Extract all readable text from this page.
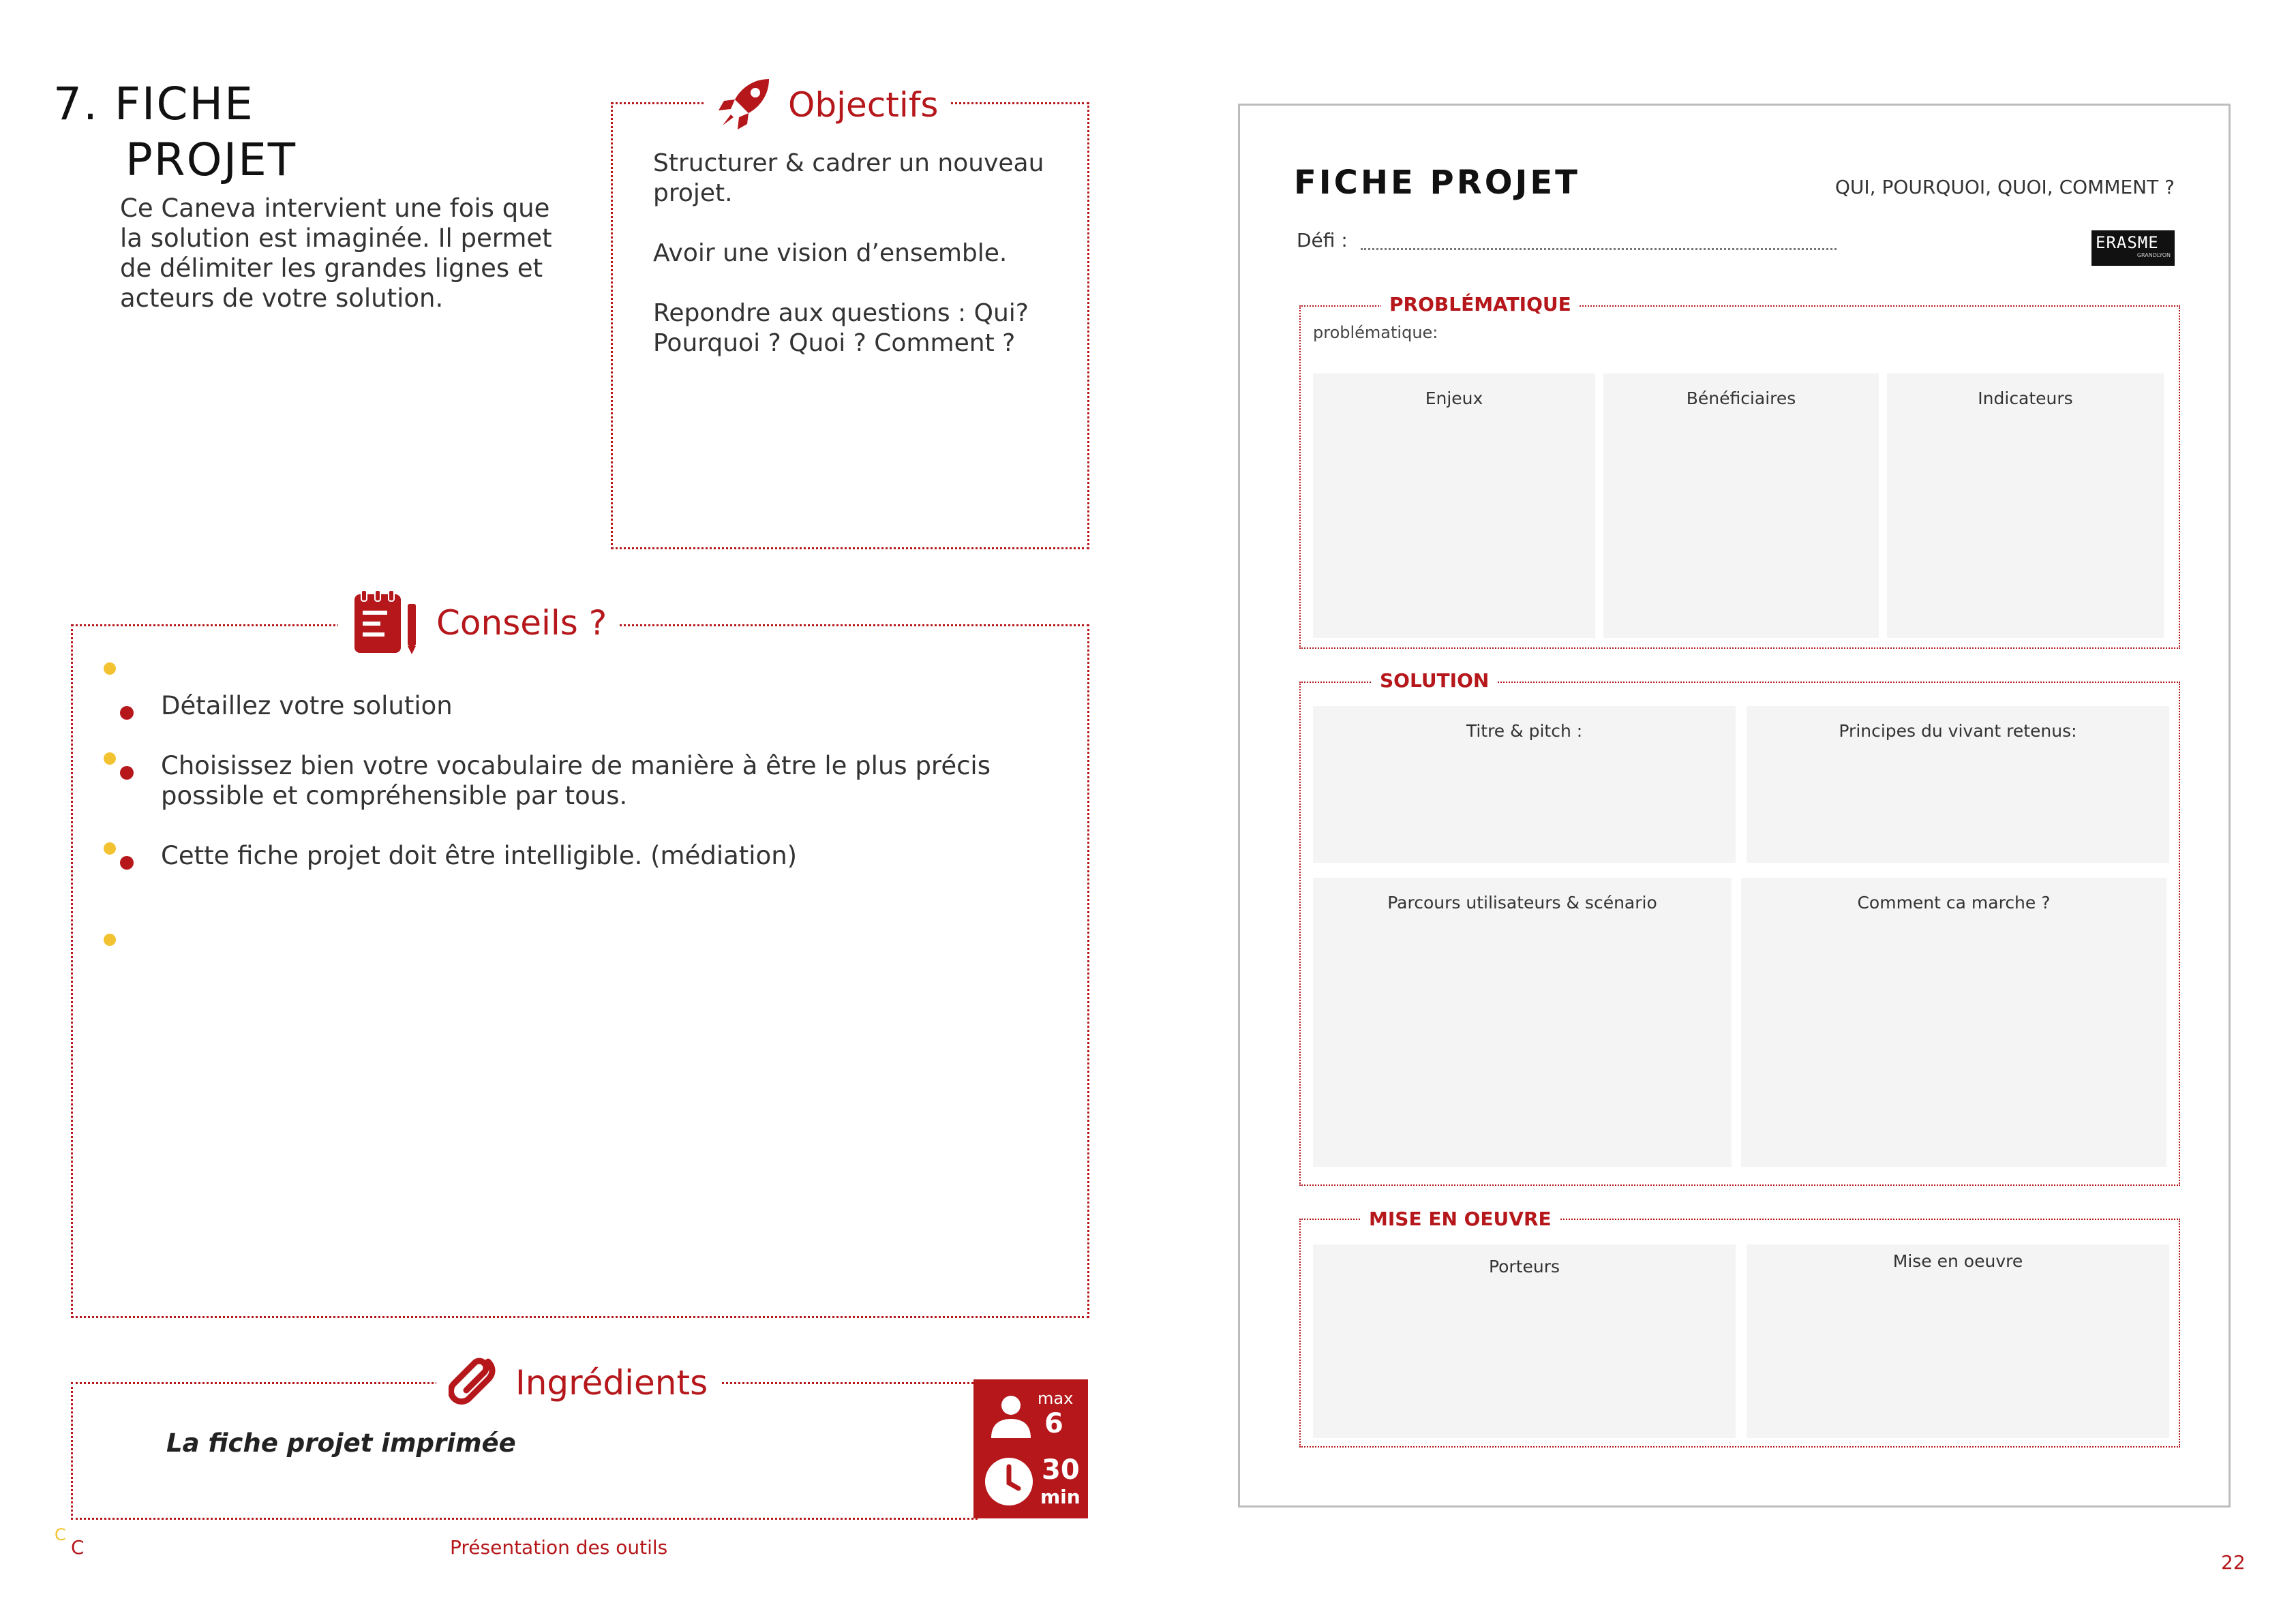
7. FICHE
PROJET
Ce Caneva intervient une fois que la solution est imaginée. Il permet de délimiter les grandes lignes et acteurs de votre solution.
Objectifs

Structurer & cadrer un nouveau projet.

Avoir une vision d’ensemble.

Repondre aux questions : Qui? Pourquoi ? Quoi ? Comment ?

Conseils ?
Détaillez votre solution
Choisissez bien votre vocabulaire de manière à être le plus précis possible et compréhensible par tous.
Cette fiche projet doit être intelligible. (médiation)
Ingrédients
La fiche projet imprimée
max
6
30
min
C
C	Présentation des outils
22
FICHE PROJET	QUI, POURQUOI, QUOI, COMMENT ?
Défi :	ERASME
GRANDLYON
PROBLÉMATIQUE
problématique:
Enjeux	Bénéficiaires	Indicateurs
SOLUTION
Titre & pitch :	Principes du vivant retenus:
Parcours utilisateurs & scénario	Comment ca marche ?
MISE EN OEUVRE
Porteurs	Mise en oeuvre
